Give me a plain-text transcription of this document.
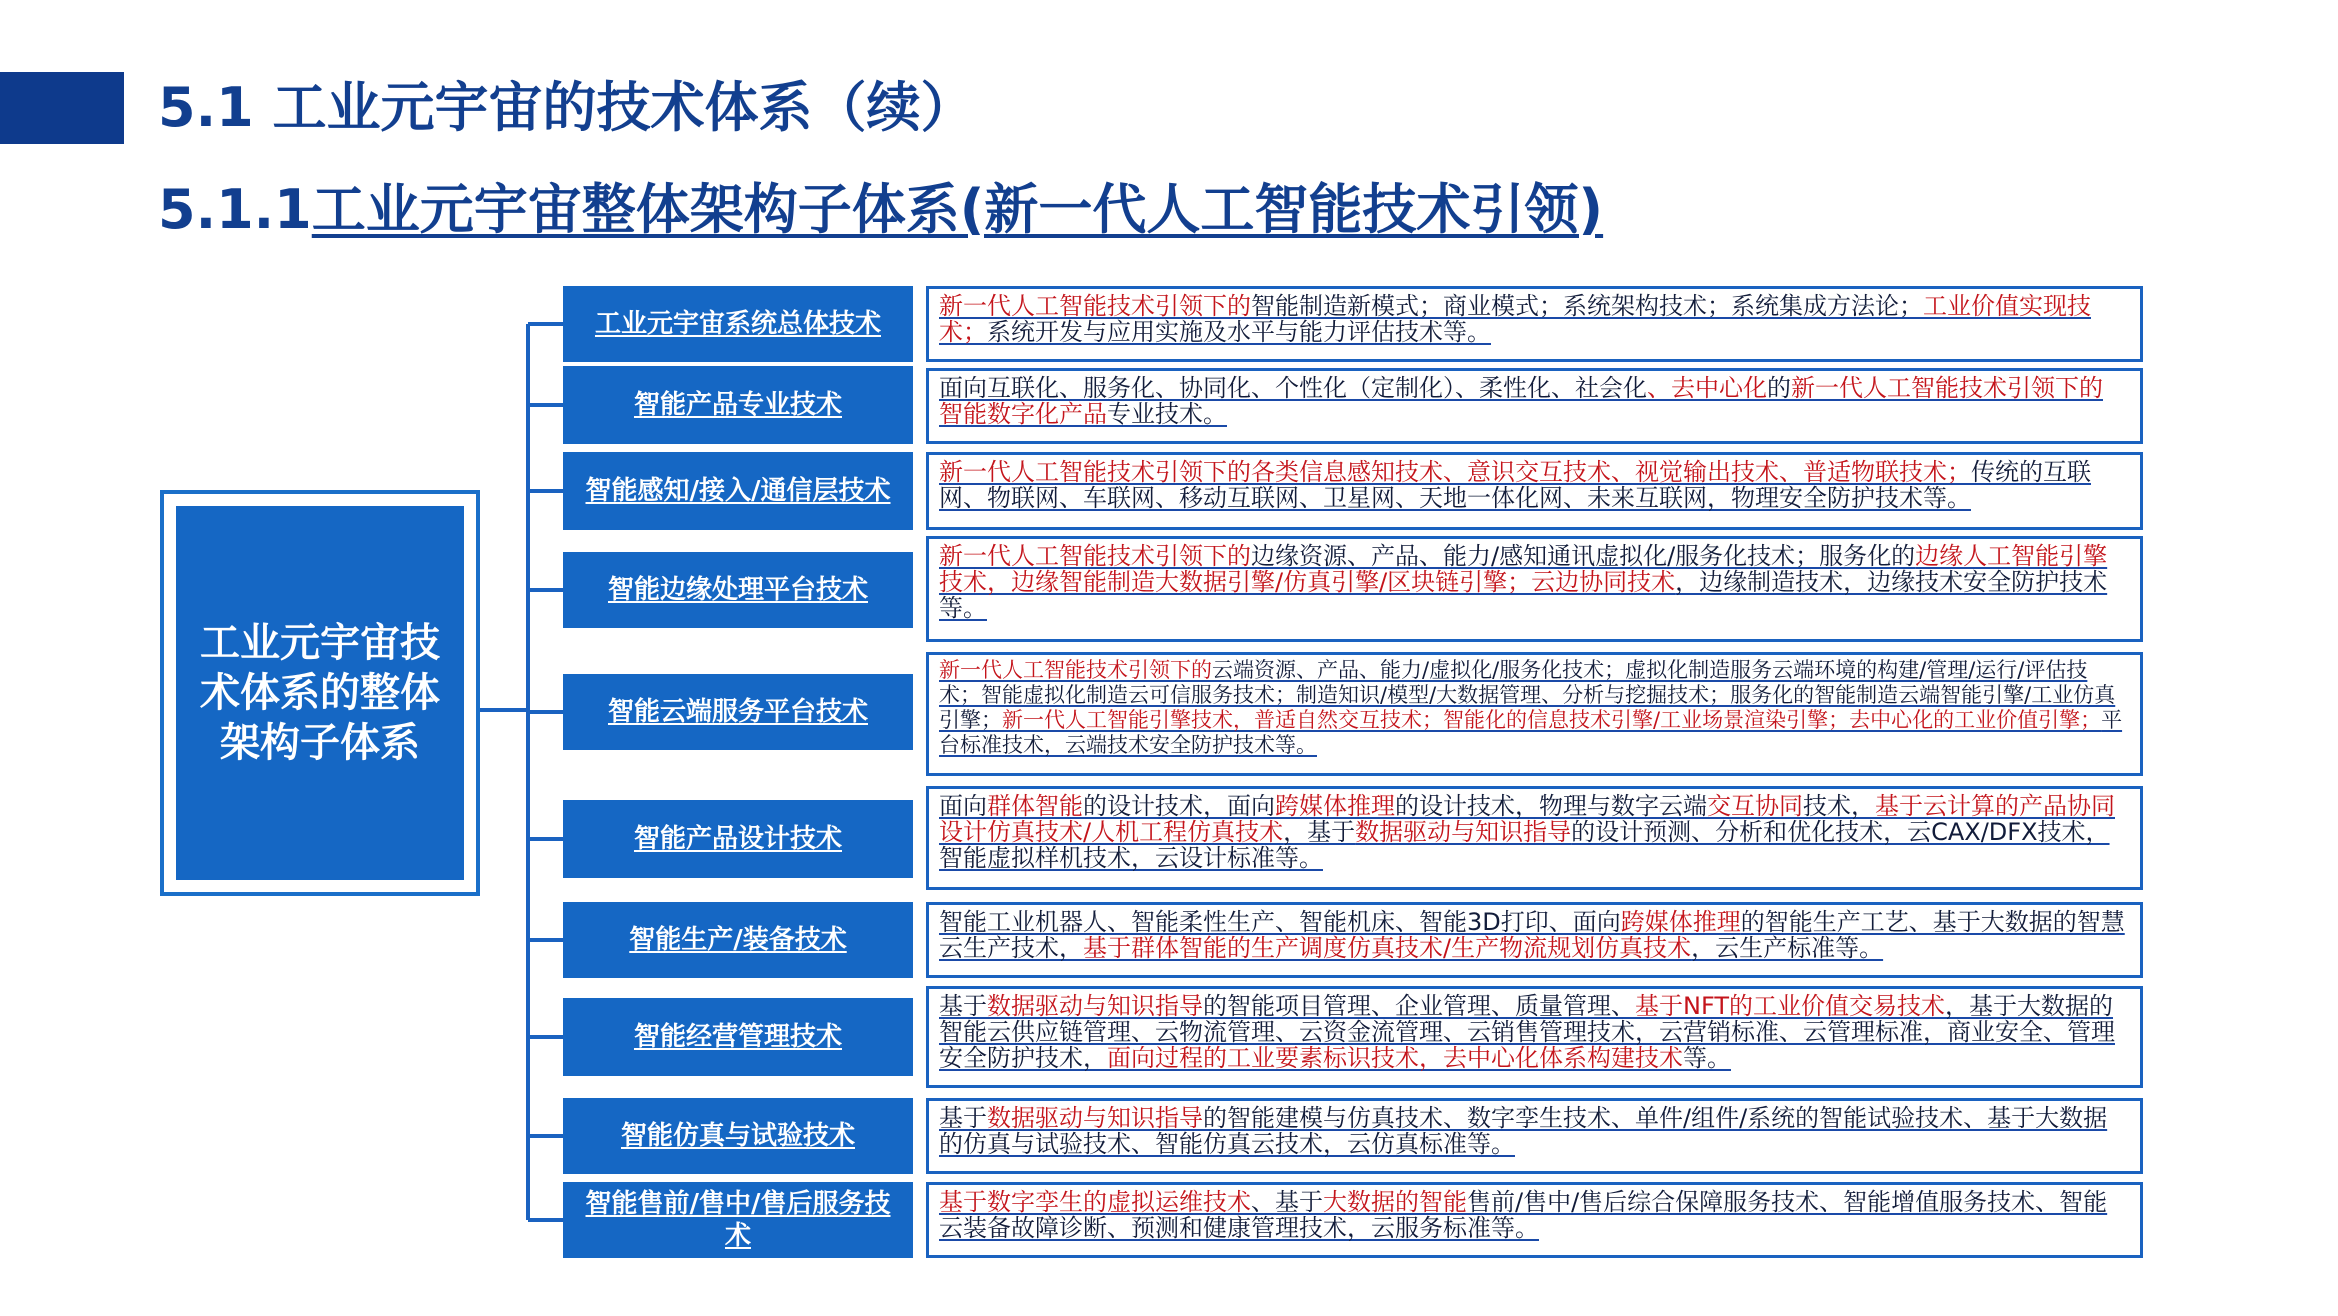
5.1 工业元宇宙的技术体系（续）
5.1.1工业元宇宙整体架构子体系(新一代人工智能技术引领)
工业元宇宙技术体系的整体架构子体系
工业元宇宙系统总体技术
新一代人工智能技术引领下的智能制造新模式；商业模式；系统架构技术；系统集成方法论；工业价值实现技术；系统开发与应用实施及水平与能力评估技术等。
智能产品专业技术
面向互联化、服务化、协同化、个性化（定制化）、柔性化、社会化、去中心化的新一代人工智能技术引领下的智能数字化产品专业技术。
智能感知/接入/通信层技术
新一代人工智能技术引领下的各类信息感知技术、意识交互技术、视觉输出技术、普适物联技术；传统的互联网、物联网、车联网、移动互联网、卫星网、天地一体化网、未来互联网，物理安全防护技术等。
智能边缘处理平台技术
新一代人工智能技术引领下的边缘资源、产品、能力/感知通讯虚拟化/服务化技术；服务化的边缘人工智能引擎技术，边缘智能制造大数据引擎/仿真引擎/区块链引擎；云边协同技术，边缘制造技术，边缘技术安全防护技术等。
智能云端服务平台技术
新一代人工智能技术引领下的云端资源、产品、能力/虚拟化/服务化技术；虚拟化制造服务云端环境的构建/管理/运行/评估技术；智能虚拟化制造云可信服务技术；制造知识/模型/大数据管理、分析与挖掘技术；服务化的智能制造云端智能引擎/工业仿真引擎；新一代人工智能引擎技术，普适自然交互技术；智能化的信息技术引擎/工业场景渲染引擎；去中心化的工业价值引擎；平台标准技术，云端技术安全防护技术等。
智能产品设计技术
面向群体智能的设计技术，面向跨媒体推理的设计技术，物理与数字云端交互协同技术，基于云计算的产品协同设计仿真技术/人机工程仿真技术，基于数据驱动与知识指导的设计预测、分析和优化技术，云CAX/DFX技术，智能虚拟样机技术，云设计标准等。
智能生产/装备技术
智能工业机器人、智能柔性生产、智能机床、智能3D打印、面向跨媒体推理的智能生产工艺、基于大数据的智慧云生产技术，基于群体智能的生产调度仿真技术/生产物流规划仿真技术，云生产标准等。
智能经营管理技术
基于数据驱动与知识指导的智能项目管理、企业管理、质量管理、基于NFT的工业价值交易技术，基于大数据的智能云供应链管理、云物流管理、云资金流管理、云销售管理技术，云营销标准、云管理标准，商业安全、管理安全防护技术，面向过程的工业要素标识技术，去中心化体系构建技术等。
智能仿真与试验技术
基于数据驱动与知识指导的智能建模与仿真技术、数字孪生技术、单件/组件/系统的智能试验技术、基于大数据的仿真与试验技术、智能仿真云技术，云仿真标准等。
智能售前/售中/售后服务技术
基于数字孪生的虚拟运维技术、基于大数据的智能售前/售中/售后综合保障服务技术、智能增值服务技术、智能云装备故障诊断、预测和健康管理技术，云服务标准等。
